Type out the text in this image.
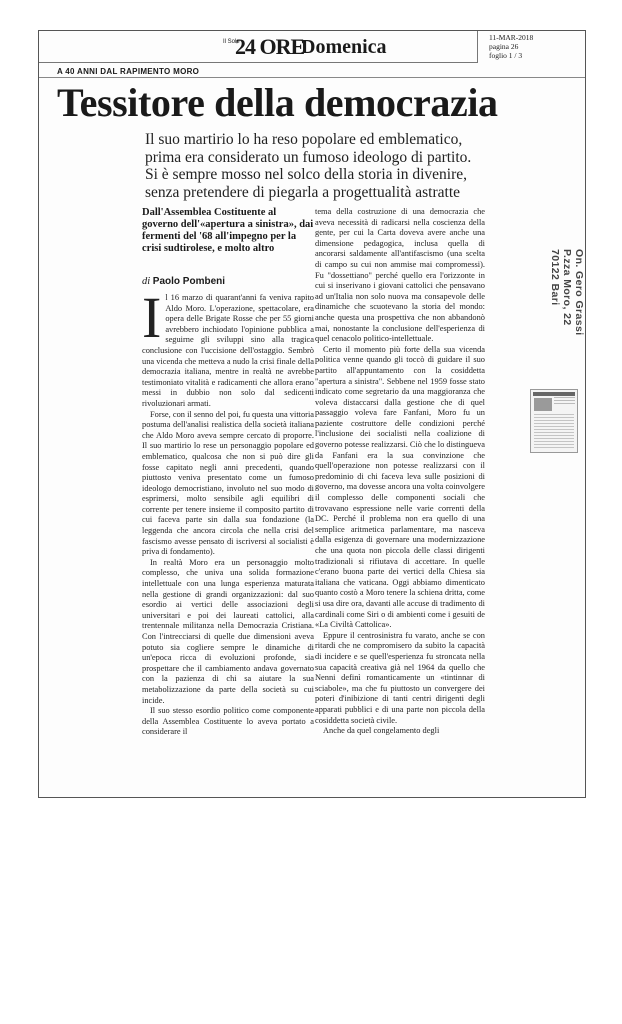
Il Sole
24 ORE
Domenica	11-MAR-2018
pagina 26
foglio 1 / 3
A 40 ANNI DAL RAPIMENTO MORO
Tessitore della democrazia
Il suo martirio lo ha reso popolare ed emblematico,
prima era considerato un fumoso ideologo di partito.
Si è sempre mosso nel solco della storia in divenire,
senza pretendere di piegarla a progettualità astratte
Dall'Assemblea Costituente al governo dell'«apertura a sinistra», dai fermenti del '68 all'impegno per la crisi sudtirolese, e molto altro
di Paolo Pombeni

Il 16 marzo di quarant'anni fa veniva rapito Aldo Moro. L'operazione, spettacolare, era opera delle Brigate Rosse che per 55 giorni avrebbero inchiodato l'opinione pubblica a seguirne gli sviluppi sino alla tragica conclusione con l'uccisione dell'ostaggio. Sembrò una vicenda che metteva a nudo la crisi finale della democrazia italiana, mentre in realtà ne avrebbe testimoniato vitalità e radicamenti che allora erano messi in dubbio non solo dal sedicenti rivoluzionari armati.

Forse, con il senno del poi, fu questa una vittoria postuma dell'analisi realistica della società italiana che Aldo Moro aveva sempre cercato di proporre. Il suo martirio lo rese un personaggio popolare ed emblematico, qualcosa che non si può dire gli fosse capitato negli anni precedenti, quando piuttosto veniva presentato come un fumoso ideologo democristiano, involuto nel suo modo di esprimersi, molto sensibile agli equilibri di corrente per tenere insieme il composito partito di cui faceva parte sin dalla sua fondazione (la leggenda che ancora circola che nella crisi del fascismo avesse pensato di iscriversi al socialisti è priva di fondamento).

In realtà Moro era un personaggio molto complesso, che univa una solida formazione intellettuale con una lunga esperienza maturata nella gestione di grandi organizzazioni: dal suo esordio ai vertici delle associazioni degli universitari e poi dei laureati cattolici, alla trentennale militanza nella Democrazia Cristiana. Con l'intrecciarsi di quelle due dimensioni aveva potuto sia cogliere sempre le dinamiche di un'epoca ricca di evoluzioni profonde, sia prospettare che il cambiamento andava governato con la pazienza di chi sa aiutare la sua metabolizzazione da parte della società su cui incide.

Il suo stesso esordio politico come componente della Assemblea Costituente lo aveva portato a considerare il

tema della costruzione di una democrazia che aveva necessità di radicarsi nella coscienza della gente, per cui la Carta doveva avere anche una dimensione pedagogica, inclusa quella di ancorarsi saldamente all'antifascismo (una scelta di campo su cui non ammise mai compromessi). Fu "dossettiano" perché quello era l'orizzonte in cui si inserivano i giovani cattolici che pensavano ad un'Italia non solo nuova ma consapevole delle dinamiche che scuotevano la storia del mondo: anche questa una prospettiva che non abbandonò mai, nonostante la conclusione dell'esperienza di quel cenacolo politico-intellettuale.

Certo il momento più forte della sua vicenda politica venne quando gli toccò di guidare il suo partito all'appuntamento con la cosiddetta "apertura a sinistra". Sebbene nel 1959 fosse stato indicato come segretario da una maggioranza che voleva distaccarsi dalla gestione che di quel passaggio voleva fare Fanfani, Moro fu un paziente costruttore delle condizioni perché l'inclusione dei socialisti nella coalizione di governo potesse realizzarsi. Ciò che lo distingueva da Fanfani era la sua convinzione che quell'operazione non potesse realizzarsi con il predominio di chi faceva leva sulle posizioni di governo, ma dovesse ancora una volta coinvolgere il complesso delle componenti sociali che trovavano espressione nelle varie correnti della DC. Perché il problema non era quello di una semplice aritmetica parlamentare, ma nasceva dalla esigenza di governare una modernizzazione che una quota non piccola delle classi dirigenti tradizionali si rifiutava di accettare. In quelle c'erano buona parte dei vertici della Chiesa sia italiana che vaticana. Oggi abbiamo dimenticato quanto costò a Moro tenere la schiena dritta, come si usa dire ora, davanti alle accuse di tradimento di cardinali come Siri o di ambienti come i gesuiti de «La Civiltà Cattolica».

Eppure il centrosinistra fu varato, anche se con ritardi che ne compromisero da subito la capacità di incidere e se quell'esperienza fu stroncata nella sua capacità creativa già nel 1964 da quello che Nenni definì romanticamente un «tintinnar di sciabole», ma che fu piuttosto un convergere dei poteri d'inibizione di tanti centri dirigenti degli apparati pubblici e di una parte non piccola della cosiddetta società civile.

Anche da quel congelamento degli

On. Gero Grassi
P.zza Moro, 22
70122 Bari
